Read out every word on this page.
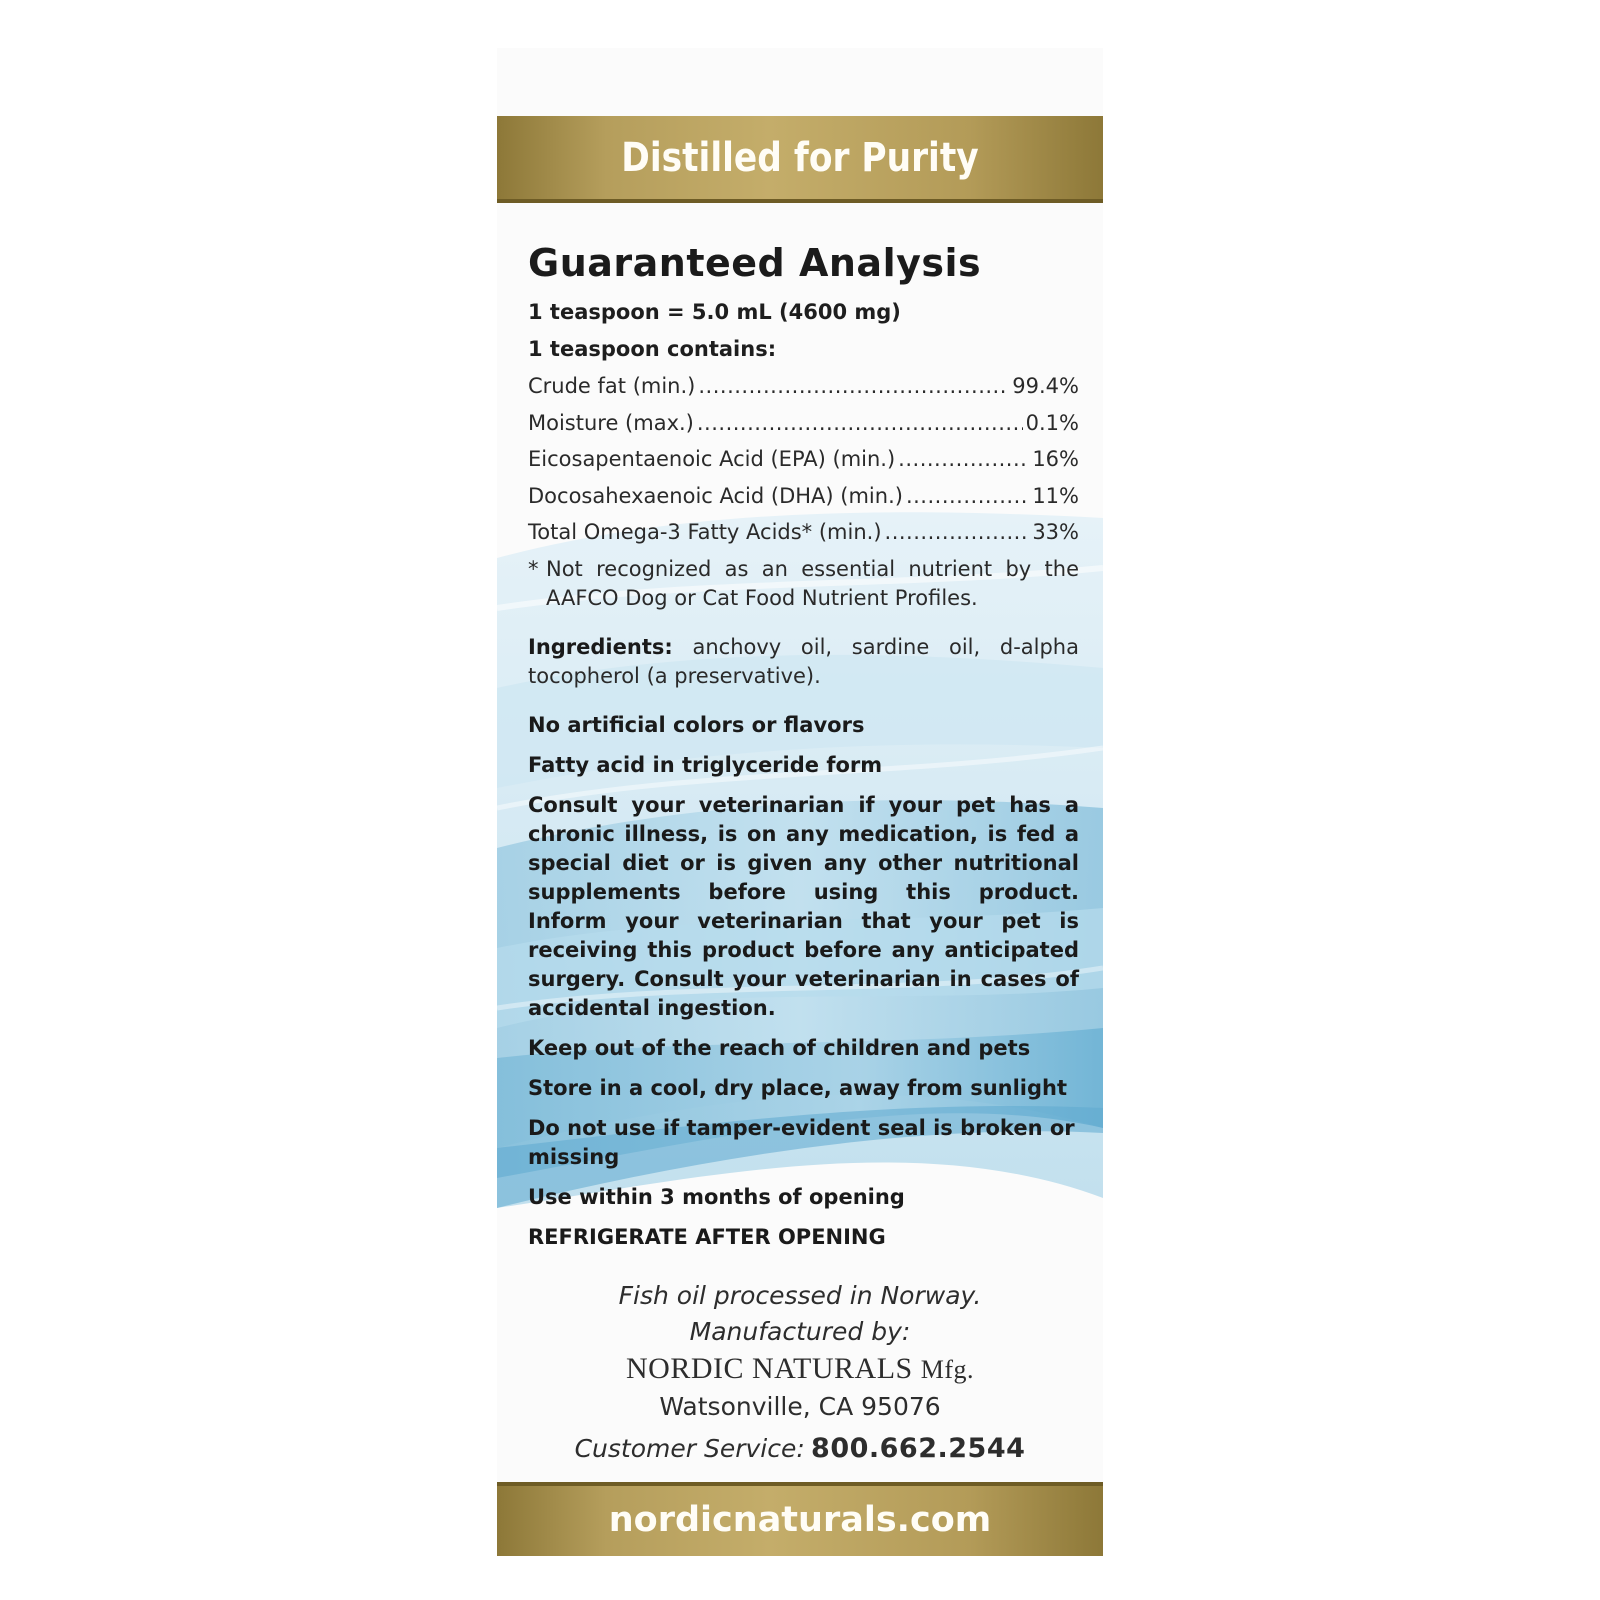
Distilled for Purity
Guaranteed Analysis
1 teaspoon = 5.0 mL (4600 mg)
1 teaspoon contains:
Crude fat (min.) .....	99.4%
Moisture (max.) .....	0.1%
Eicosapentaenoic Acid (EPA) (min.) .....	16%
Docosahexaenoic Acid (DHA) (min.) .....	11%
Total Omega-3 Fatty Acids* (min.) .....	33%
* Not recognized as an essential nutrient by the AAFCO Dog or Cat Food Nutrient Profiles.
Ingredients: anchovy oil, sardine oil, d-alpha tocopherol (a preservative).
No artificial colors or flavors
Fatty acid in triglyceride form
Consult your veterinarian if your pet has a chronic illness, is on any medication, is fed a special diet or is given any other nutritional supplements before using this product. Inform your veterinarian that your pet is receiving this product before any anticipated surgery. Consult your veterinarian in cases of accidental ingestion.
Keep out of the reach of children and pets
Store in a cool, dry place, away from sunlight
Do not use if tamper-evident seal is broken or missing
Use within 3 months of opening
REFRIGERATE AFTER OPENING
Fish oil processed in Norway.
Manufactured by:
NORDIC NATURALS Mfg.
Watsonville, CA 95076
Customer Service: 800.662.2544
nordicnaturals.com
